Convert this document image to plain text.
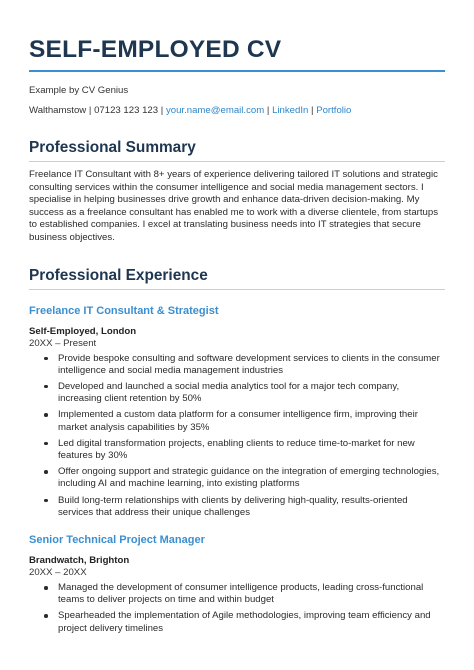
SELF-EMPLOYED CV
Example by CV Genius
Walthamstow | 07123 123 123 | your.name@email.com | LinkedIn | Portfolio
Professional Summary

Freelance IT Consultant with 8+ years of experience delivering tailored IT solutions and strategic consulting services within the consumer intelligence and social media management sectors. I specialise in helping businesses drive growth and enhance data-driven decision-making. My success as a freelance consultant has enabled me to work with a diverse clientele, from startups to established companies. I excel at translating business needs into IT strategies that secure business objectives.

Professional Experience
Freelance IT Consultant & Strategist
Self-Employed, London
20XX – Present
Provide bespoke consulting and software development services to clients in the consumer intelligence and social media management industries
Developed and launched a social media analytics tool for a major tech company, increasing client retention by 50%
Implemented a custom data platform for a consumer intelligence firm, improving their market analysis capabilities by 35%
Led digital transformation projects, enabling clients to reduce time-to-market for new features by 30%
Offer ongoing support and strategic guidance on the integration of emerging technologies, including AI and machine learning, into existing platforms
Build long-term relationships with clients by delivering high-quality, results-oriented services that address their unique challenges
Senior Technical Project Manager
Brandwatch, Brighton
20XX – 20XX
Managed the development of consumer intelligence products, leading cross-functional teams to deliver projects on time and within budget
Spearheaded the implementation of Agile methodologies, improving team efficiency and project delivery timelines
